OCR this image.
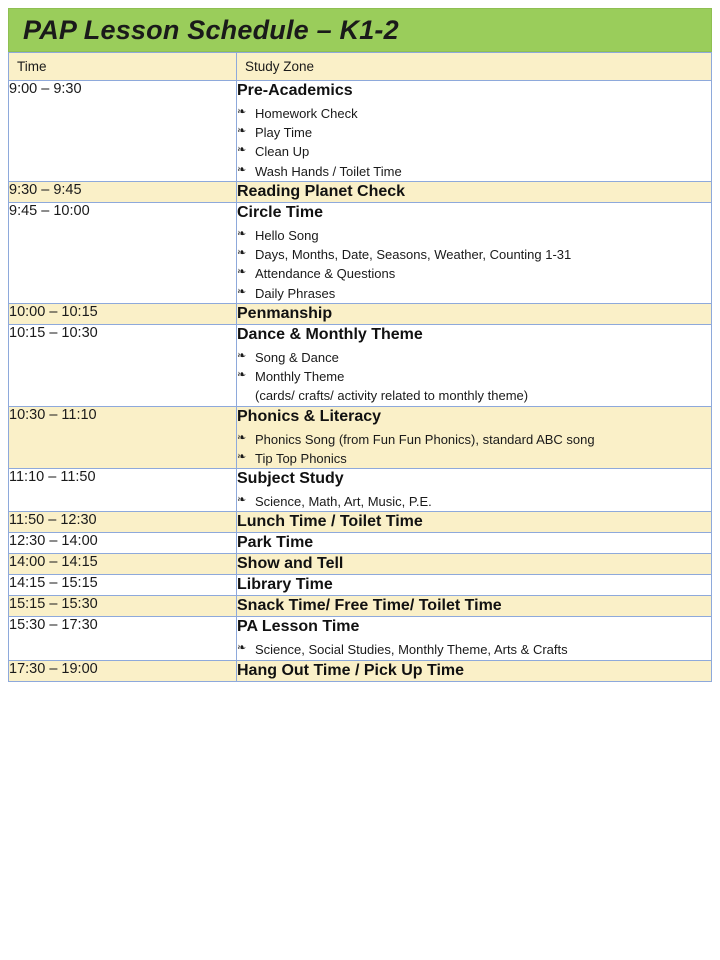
PAP Lesson Schedule – K1-2
Time	Study Zone
9:00 – 9:30	Pre-Academics
❧ Homework Check
❧ Play Time
❧ Clean Up
❧ Wash Hands / Toilet Time

9:30 – 9:45	Reading Planet Check

9:45 – 10:00	Circle Time
❧ Hello Song
❧ Days, Months, Date, Seasons, Weather, Counting 1-31
❧ Attendance & Questions
❧ Daily Phrases

10:00 – 10:15	Penmanship

10:15 – 10:30	Dance & Monthly Theme
❧ Song & Dance
❧ Monthly Theme
(cards/ crafts/ activity related to monthly theme)

10:30 – 11:10	Phonics & Literacy
❧ Phonics Song (from Fun Fun Phonics), standard ABC song
❧ Tip Top Phonics

11:10 – 11:50	Subject Study
❧ Science, Math, Art, Music, P.E.

11:50 – 12:30	Lunch Time / Toilet Time

12:30 – 14:00	Park Time

14:00 – 14:15	Show and Tell

14:15 – 15:15	Library Time

15:15 – 15:30	Snack Time/ Free Time/ Toilet Time

15:30 – 17:30	PA Lesson Time
❧ Science, Social Studies, Monthly Theme, Arts & Crafts

17:30 – 19:00	Hang Out Time / Pick Up Time
